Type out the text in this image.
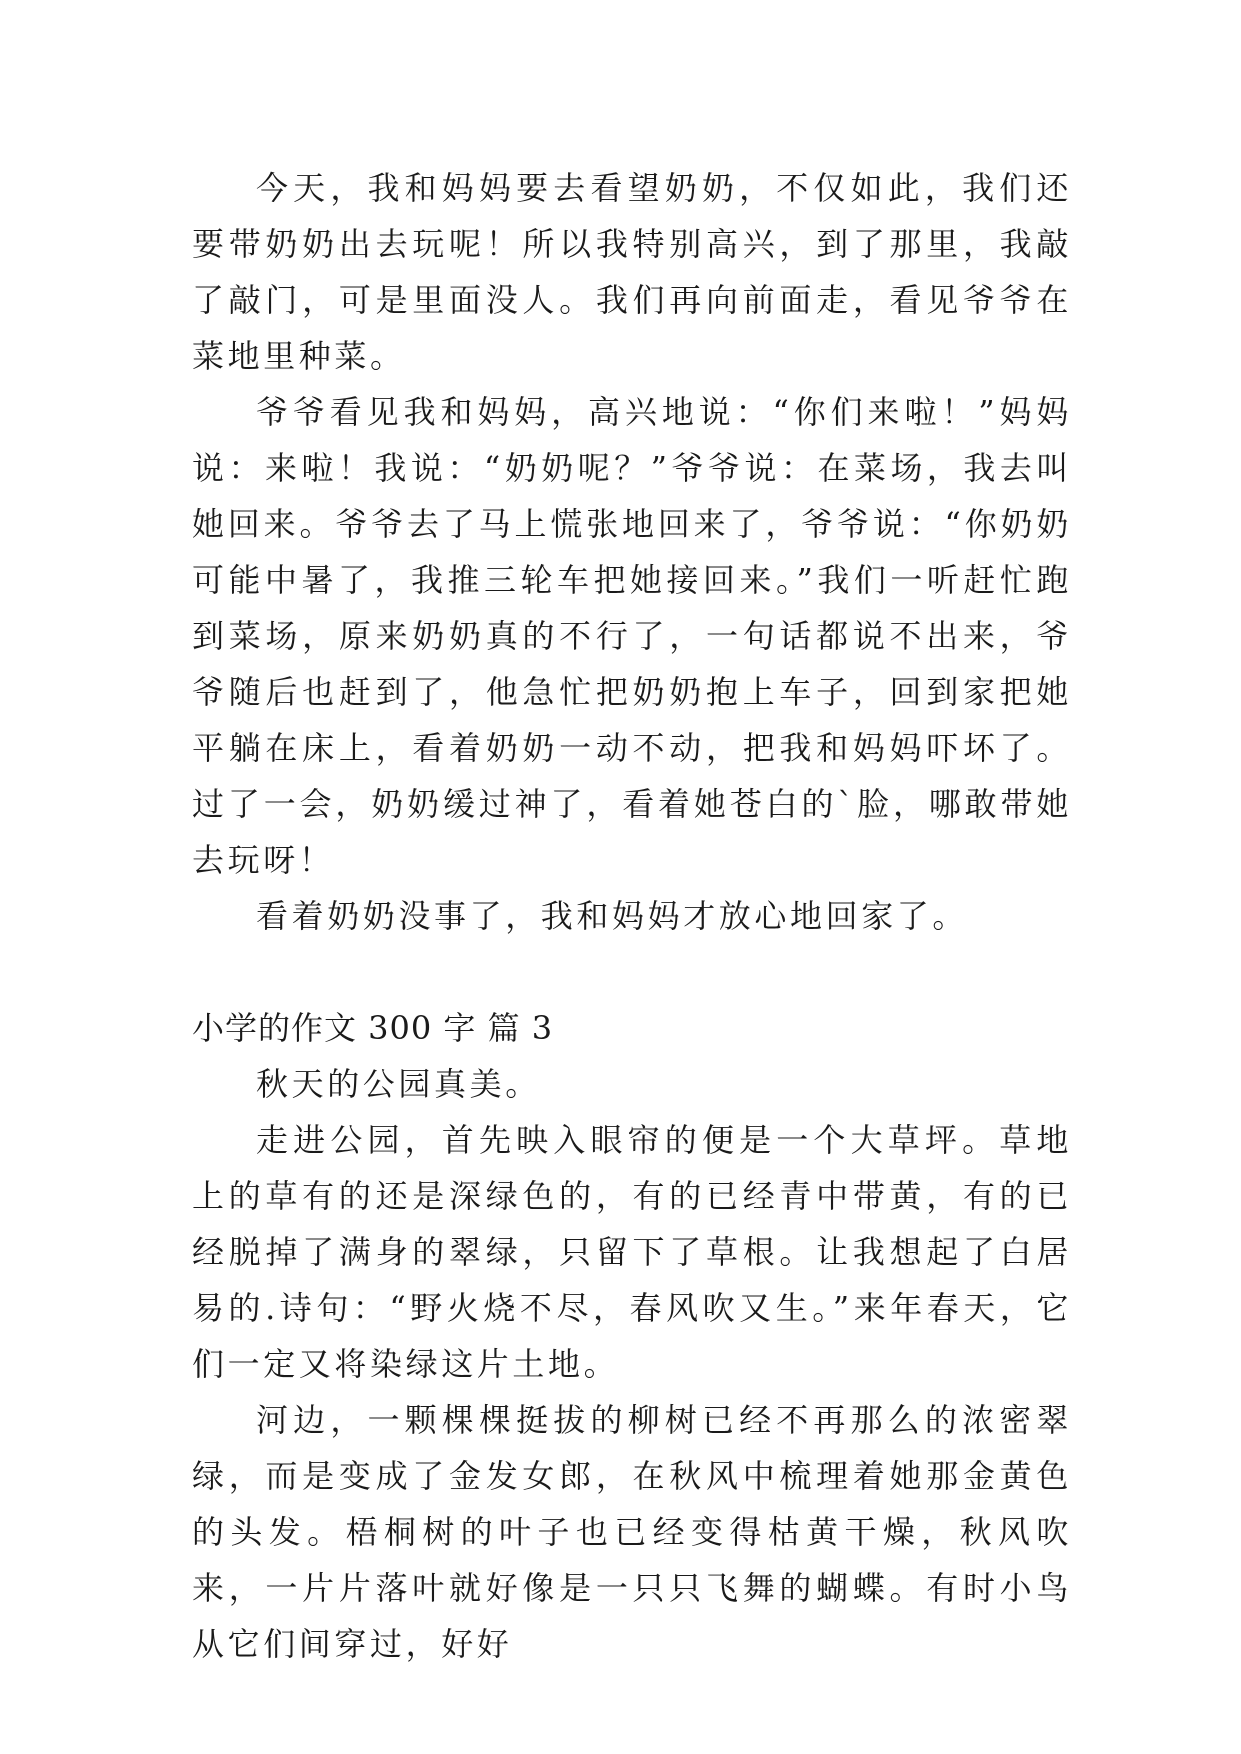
今天，我和妈妈要去看望奶奶，不仅如此，我们还要带奶奶出去玩呢！所以我特别高兴，到了那里，我敲了敲门，可是里面没人。我们再向前面走，看见爷爷在菜地里种菜。

爷爷看见我和妈妈，高兴地说：“你们来啦！”妈妈说：来啦！我说：“奶奶呢？”爷爷说：在菜场，我去叫她回来。爷爷去了马上慌张地回来了，爷爷说：“你奶奶可能中暑了，我推三轮车把她接回来。”我们一听赶忙跑到菜场，原来奶奶真的不行了，一句话都说不出来，爷爷随后也赶到了，他急忙把奶奶抱上车子，回到家把她平躺在床上，看着奶奶一动不动，把我和妈妈吓坏了。过了一会，奶奶缓过神了，看着她苍白的`脸，哪敢带她去玩呀！

看着奶奶没事了，我和妈妈才放心地回家了。

小学的作文 300 字 篇 3

秋天的公园真美。

走进公园，首先映入眼帘的便是一个大草坪。草地上的草有的还是深绿色的，有的已经青中带黄，有的已经脱掉了满身的翠绿，只留下了草根。让我想起了白居易的.诗句：“野火烧不尽，春风吹又生。”来年春天，它们一定又将染绿这片土地。

河边，一颗棵棵挺拔的柳树已经不再那么的浓密翠绿，而是变成了金发女郎，在秋风中梳理着她那金黄色的头发。梧桐树的叶子也已经变得枯黄干燥，秋风吹来，一片片落叶就好像是一只只飞舞的蝴蝶。有时小鸟从它们间穿过，好好
